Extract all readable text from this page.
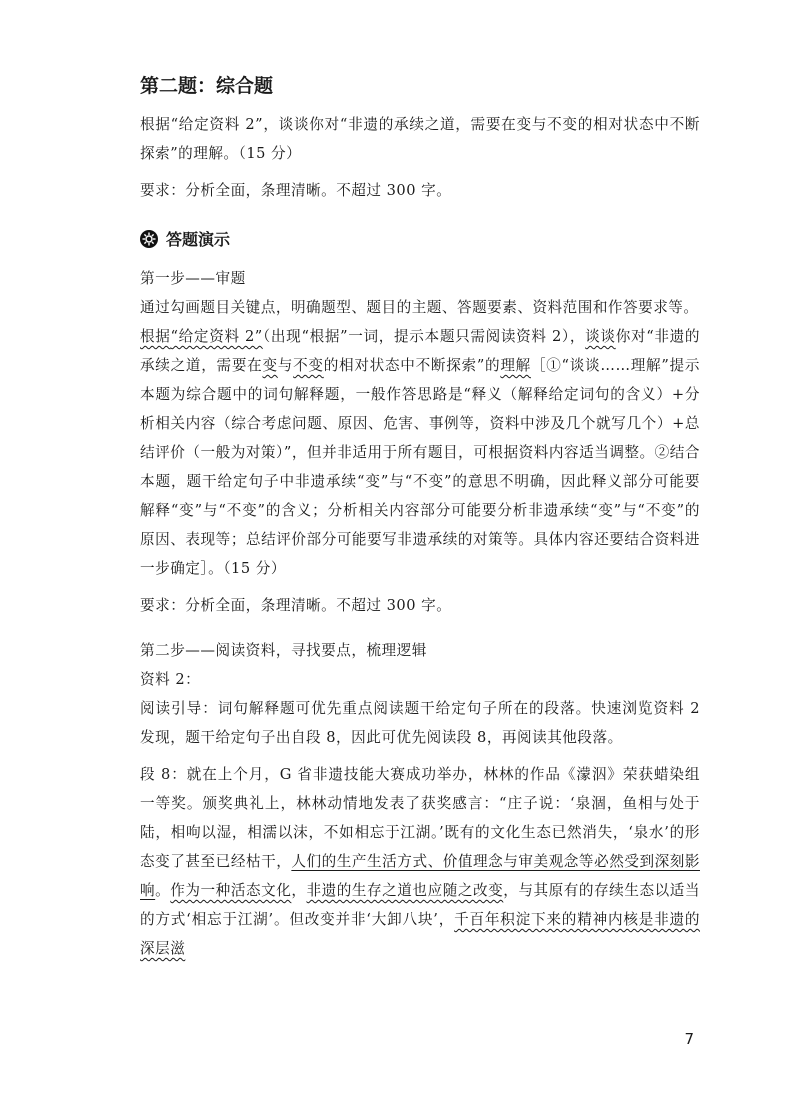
第二题：综合题

根据“给定资料 2”，谈谈你对“非遗的承续之道，需要在变与不变的相对状态中不断探索”的理解。（15 分）

要求：分析全面，条理清晰。不超过 300 字。

答题演示

第一步——审题

通过勾画题目关键点，明确题型、题目的主题、答题要素、资料范围和作答要求等。

根据“给定资料 2”（出现“根据”一词，提示本题只需阅读资料 2），谈谈你对“非遗的承续之道，需要在变与不变的相对状态中不断探索”的理解［①“谈谈……理解”提示本题为综合题中的词句解释题，一般作答思路是“释义（解释给定词句的含义）+分析相关内容（综合考虑问题、原因、危害、事例等，资料中涉及几个就写几个）+总结评价（一般为对策）”，但并非适用于所有题目，可根据资料内容适当调整。②结合本题，题干给定句子中非遗承续“变”与“不变”的意思不明确，因此释义部分可能要解释“变”与“不变”的含义；分析相关内容部分可能要分析非遗承续“变”与“不变”的原因、表现等；总结评价部分可能要写非遗承续的对策等。具体内容还要结合资料进一步确定］。（15 分）

要求：分析全面，条理清晰。不超过 300 字。

第二步——阅读资料，寻找要点，梳理逻辑

资料 2：

阅读引导：词句解释题可优先重点阅读题干给定句子所在的段落。快速浏览资料 2 发现，题干给定句子出自段 8，因此可优先阅读段 8，再阅读其他段落。

段 8：就在上个月，G 省非遗技能大赛成功举办，林林的作品《濛泅》荣获蜡染组一等奖。颁奖典礼上，林林动情地发表了获奖感言：“庄子说：‘泉涸，鱼相与处于陆，相呴以湿，相濡以沫，不如相忘于江湖。’既有的文化生态已然消失，‘泉水’的形态变了甚至已经枯干，人们的生产生活方式、价值理念与审美观念等必然受到深刻影响。作为一种活态文化，非遗的生存之道也应随之改变，与其原有的存续生态以适当的方式‘相忘于江湖’。但改变并非‘大卸八块’，千百年积淀下来的精神内核是非遗的深层滋

7
